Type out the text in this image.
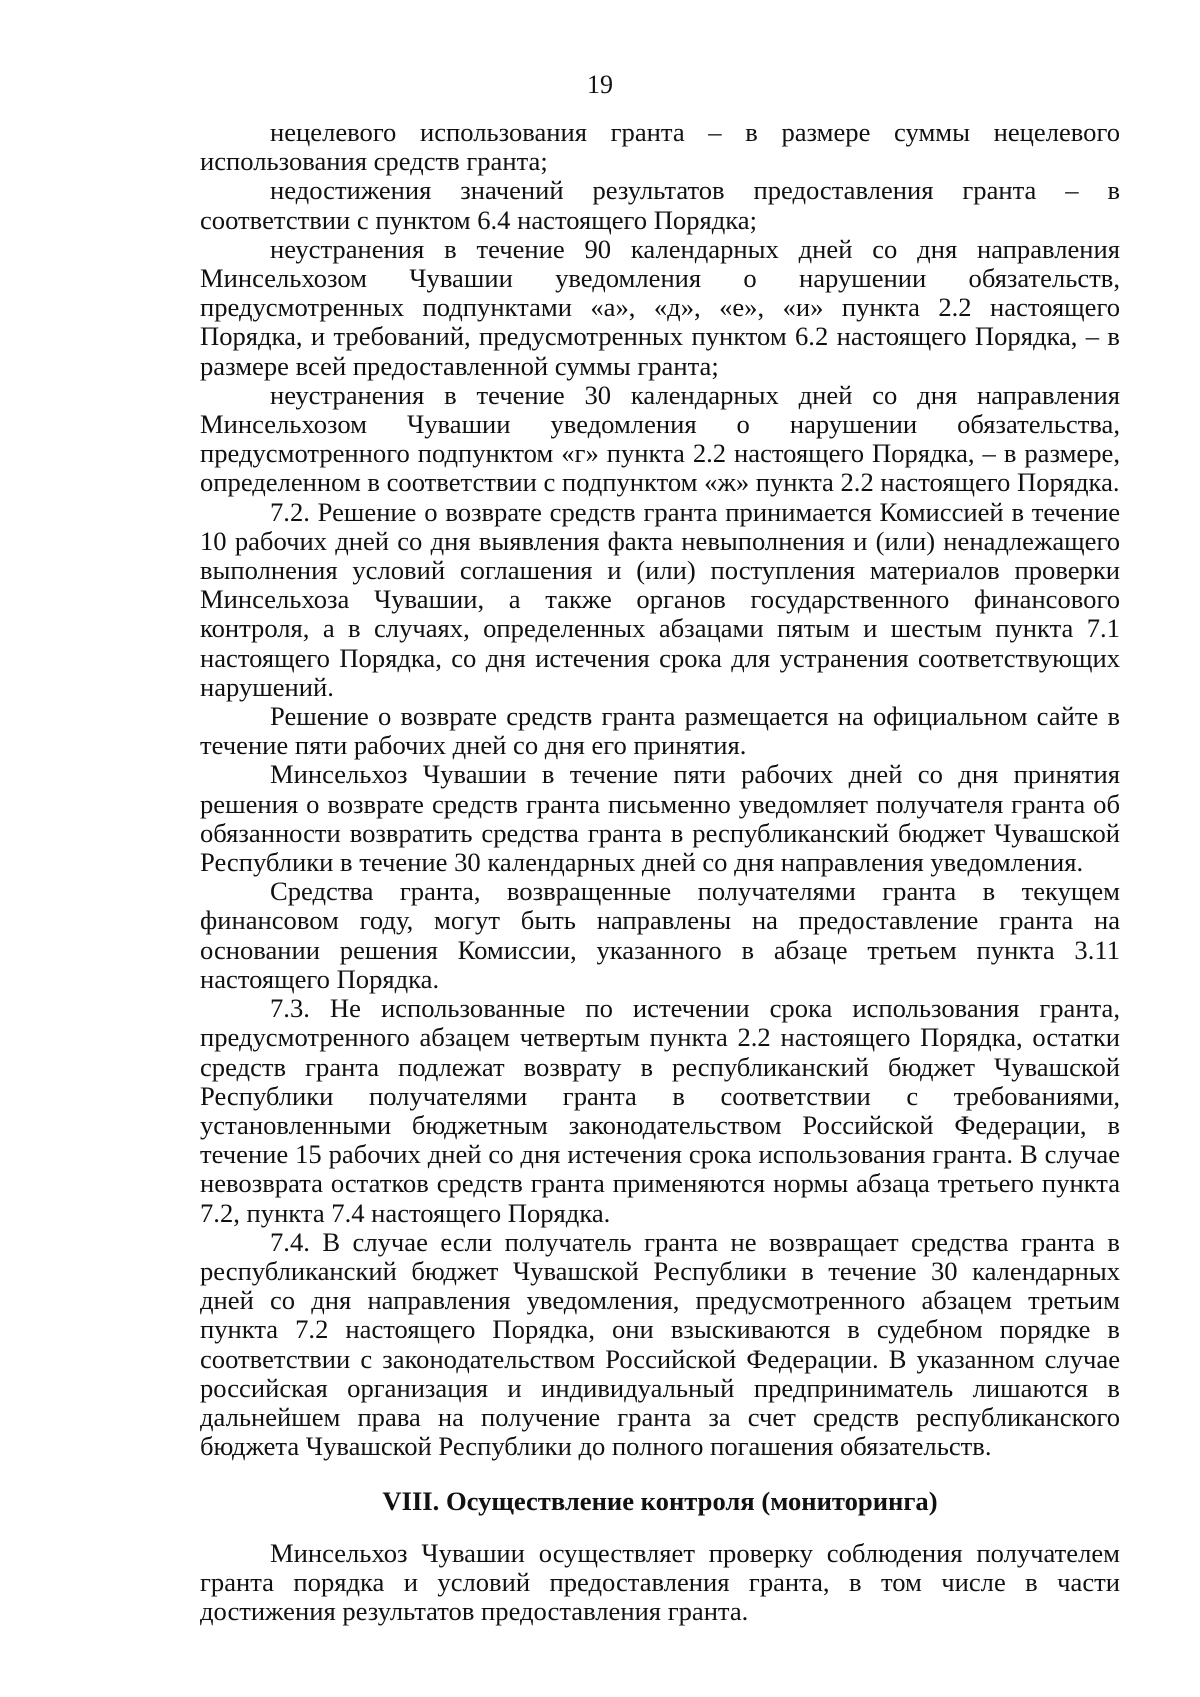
19

нецелевого использования гранта – в размере суммы нецелевого использования средств гранта;

недостижения значений результатов предоставления гранта – в соответствии с пунктом 6.4 настоящего Порядка;

неустранения в течение 90 календарных дней со дня направления Минсельхозом Чувашии уведомления о нарушении обязательств, предусмотренных подпунктами «а», «д», «е», «и» пункта 2.2 настоящего Порядка, и требований, предусмотренных пунктом 6.2 настоящего Порядка, – в размере всей предоставленной суммы гранта;

неустранения в течение 30 календарных дней со дня направления Минсельхозом Чувашии уведомления о нарушении обязательства, предусмотренного подпунктом «г» пункта 2.2 настоящего Порядка, – в размере, определенном в соответствии с подпунктом «ж» пункта 2.2 настоящего Порядка.

7.2. Решение о возврате средств гранта принимается Комиссией в течение 10 рабочих дней со дня выявления факта невыполнения и (или) ненадлежащего выполнения условий соглашения и (или) поступления материалов проверки Минсельхоза Чувашии, а также органов государственного финансового контроля, а в случаях, определенных абзацами пятым и шестым пункта 7.1 настоящего Порядка, со дня истечения срока для устранения соответствующих нарушений.

Решение о возврате средств гранта размещается на официальном сайте в течение пяти рабочих дней со дня его принятия.

Минсельхоз Чувашии в течение пяти рабочих дней со дня принятия решения о возврате средств гранта письменно уведомляет получателя гранта об обязанности возвратить средства гранта в республиканский бюджет Чувашской Республики в течение 30 календарных дней со дня направления уведомления.

Средства гранта, возвращенные получателями гранта в текущем финансовом году, могут быть направлены на предоставление гранта на основании решения Комиссии, указанного в абзаце третьем пункта 3.11 настоящего Порядка.

7.3. Не использованные по истечении срока использования гранта, предусмотренного абзацем четвертым пункта 2.2 настоящего Порядка, остатки средств гранта подлежат возврату в республиканский бюджет Чувашской Республики получателями гранта в соответствии с требованиями, установленными бюджетным законодательством Российской Федерации, в течение 15 рабочих дней со дня истечения срока использования гранта. В случае невозврата остатков средств гранта применяются нормы абзаца третьего пункта 7.2, пункта 7.4 настоящего Порядка.

7.4. В случае если получатель гранта не возвращает средства гранта в республиканский бюджет Чувашской Республики в течение 30 календарных дней со дня направления уведомления, предусмотренного абзацем третьим пункта 7.2 настоящего Порядка, они взыскиваются в судебном порядке в соответствии с законодательством Российской Федерации. В указанном случае российская организация и индивидуальный предприниматель лишаются в дальнейшем права на получение гранта за счет средств республиканского бюджета Чувашской Республики до полного погашения обязательств.

VIII. Осуществление контроля (мониторинга)

Минсельхоз Чувашии осуществляет проверку соблюдения получателем гранта порядка и условий предоставления гранта, в том числе в части достижения результатов предоставления гранта.
